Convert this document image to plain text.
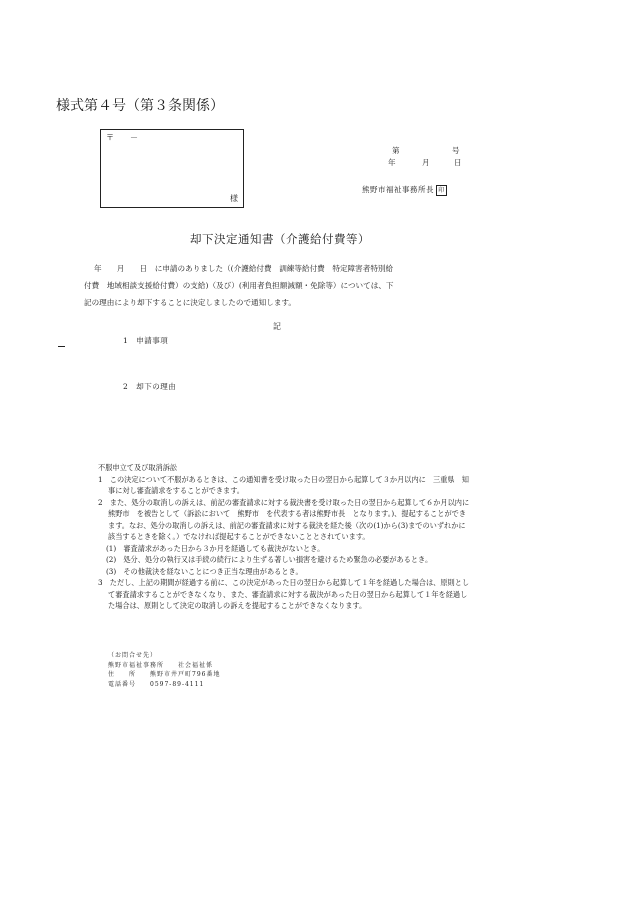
様式第４号（第３条関係）
〒　　－
様
第	号
年	月	日
熊野市福祉事務所長 印
却下決定通知書（介護給付費等）

年　　月　　日　に申請のありました（(介護給付費　訓練等給付費　特定障害者特別給

付費　地域相談支援給付費）の支給)（及び）(利用者負担額減額・免除等）については、下

記の理由により却下することに決定しましたので通知します。

記
1　申請事項
2　却下の理由

不服申立て及び取消訴訟

1　この決定について不服があるときは、この通知書を受け取った日の翌日から起算して３か月以内に　三重県　知事に対し審査請求をすることができます。

2　また、処分の取消しの訴えは、前記の審査請求に対する裁決書を受け取った日の翌日から起算して６か月以内に　熊野市　を被告として（訴訟において　熊野市　を代表する者は熊野市長　となります。)、提起することができます。なお、処分の取消しの訴えは、前記の審査請求に対する裁決を経た後（次の(1)から(3)までのいずれかに該当するときを除く。）でなければ提起することができないこととされています。

(1)　審査請求があった日から３か月を経過しても裁決がないとき。

(2)　処分、処分の執行又は手続の続行により生ずる著しい損害を避けるため緊急の必要があるとき。

(3)　その他裁決を経ないことにつき正当な理由があるとき。

3　ただし、上記の期間が経過する前に、この決定があった日の翌日から起算して１年を経過した場合は、原則として審査請求することができなくなり、また、審査請求に対する裁決があった日の翌日から起算して１年を経過した場合は、原則として決定の取消しの訴えを提起することができなくなります。

（お問合せ先）
熊野市福祉事務所　　社会福祉係
住　　所　　 熊野市井戸町796番地
電話番号　　 0597-89-4111
